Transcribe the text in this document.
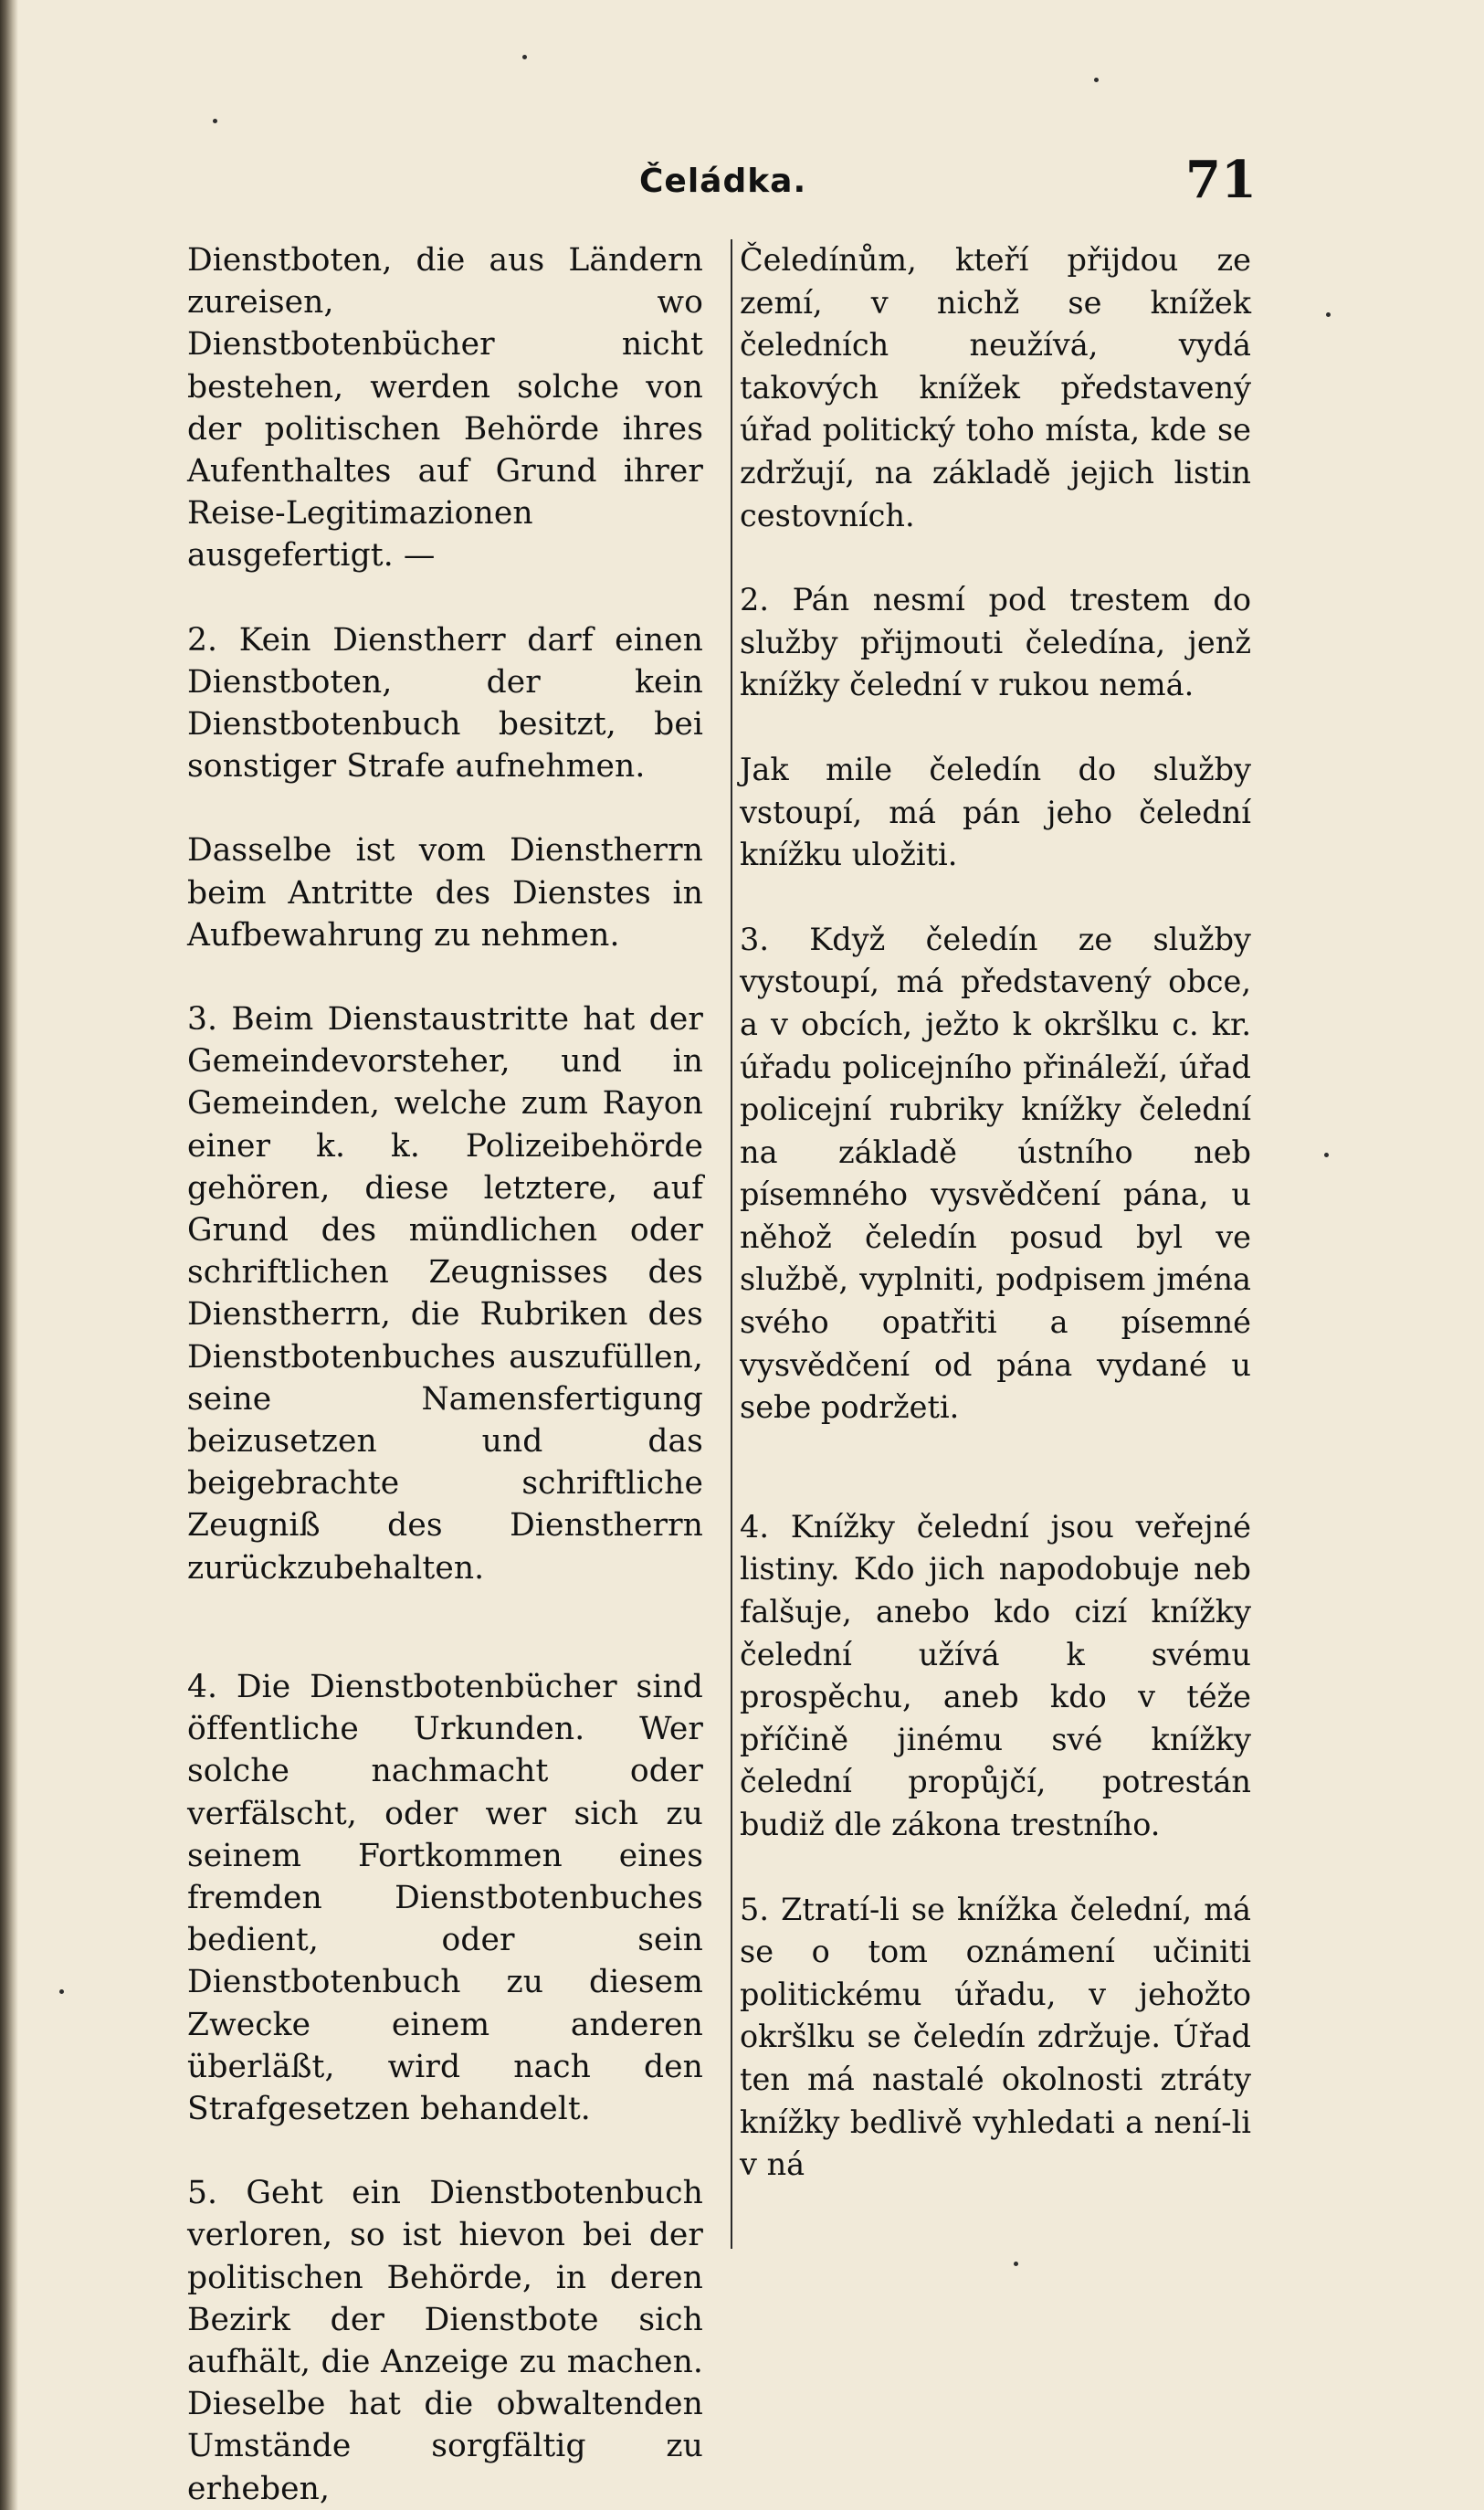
Čeládka.	71

Dienstboten, die aus Ländern zureisen, wo Dienstbotenbücher nicht bestehen, werden solche von der politischen Behörde ihres Aufenthaltes auf Grund ihrer Reise-Legitimazionen ausgefertigt. —

2. Kein Dienstherr darf einen Dienstboten, der kein Dienstbotenbuch besitzt, bei sonstiger Strafe aufnehmen.

Dasselbe ist vom Dienstherrn beim Antritte des Dienstes in Aufbewahrung zu nehmen.

3. Beim Dienstaustritte hat der Gemeindevorsteher, und in Gemeinden, welche zum Rayon einer k. k. Polizeibehörde gehören, diese letztere, auf Grund des mündlichen oder schriftlichen Zeugnisses des Dienstherrn, die Rubriken des Dienstbotenbuches auszufüllen, seine Namensfertigung beizusetzen und das beigebrachte schriftliche Zeugniß des Dienstherrn zurückzubehalten.

4. Die Dienstbotenbücher sind öffentliche Urkunden. Wer solche nachmacht oder verfälscht, oder wer sich zu seinem Fortkommen eines fremden Dienstbotenbuches bedient, oder sein Dienstbotenbuch zu diesem Zwecke einem anderen überläßt, wird nach den Strafgesetzen behandelt.

5. Geht ein Dienstbotenbuch verloren, so ist hievon bei der politischen Behörde, in deren Bezirk der Dienstbote sich aufhält, die Anzeige zu machen. Dieselbe hat die obwaltenden Umstände sorgfältig zu erheben,

Čeledínům, kteří přijdou ze zemí, v nichž se knížek čeledních neužívá, vydá takových knížek představený úřad politický toho místa, kde se zdržují, na základě jejich listin cestovních.

2. Pán nesmí pod trestem do služby přijmouti čeledína, jenž knížky čelední v rukou nemá.

Jak mile čeledín do služby vstoupí, má pán jeho čelední knížku uložiti.

3. Když čeledín ze služby vystoupí, má představený obce, a v obcích, ježto k okršlku c. kr. úřadu policejního přináleží, úřad policejní rubriky knížky čelední na základě ústního neb písemného vysvědčení pána, u něhož čeledín posud byl ve službě, vyplniti, podpisem jména svého opatřiti a písemné vysvědčení od pána vydané u sebe podržeti.

4. Knížky čelední jsou veřejné listiny. Kdo jich napodobuje neb falšuje, anebo kdo cizí knížky čelední užívá k svému prospěchu, aneb kdo v téže příčině jinému své knížky čelední propůjčí, potrestán budiž dle zákona trestního.

5. Ztratí-li se knížka čelední, má se o tom oznámení učiniti politickému úřadu, v jehožto okršlku se čeledín zdržuje. Úřad ten má nastalé okolnosti ztráty knížky bedlivě vyhledati a není-li v ná
